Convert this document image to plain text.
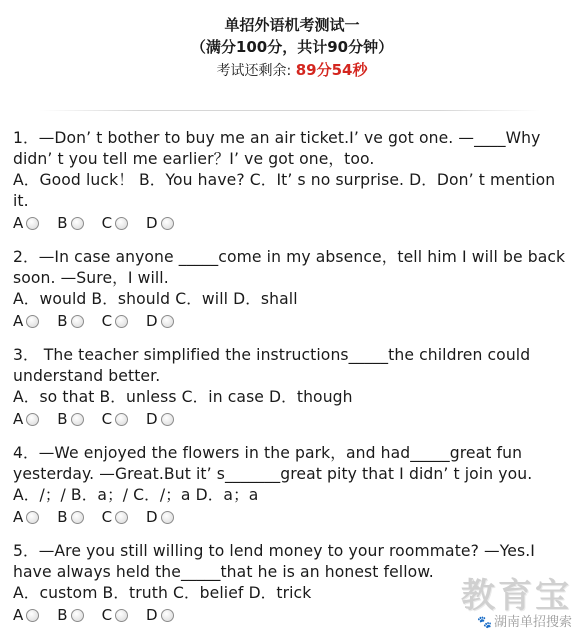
单招外语机考测试一
（满分100分，共计90分钟）
考试还剩余: 89分54秒
1．—Don’ t bother to buy me an air ticket.I’ ve got one. —____Why didn’ t you tell me earlier？I’ ve got one，too.
A．Good luck！ B．You have? C．It’ s no surprise. D．Don’ t mention it.
A B C D
2．—In case anyone _____come in my absence，tell him I will be back soon. —Sure，I will.
A．would B．should C．will D．shall
A B C D
3． The teacher simplified the instructions_____the children could understand better.
A．so that B．unless C．in case D．though
A B C D
4．—We enjoyed the flowers in the park，and had_____great fun yesterday. —Great.But it’ s_______great pity that I didn’ t join you.
A．/；/ B．a；/ C．/；a D．a；a
A B C D
5．—Are you still willing to lend money to your roommate? —Yes.I have always held the_____that he is an honest fellow.
A．custom B．truth C．belief D．trick
A B C D	教育宝
🐾 湖南单招搜索
